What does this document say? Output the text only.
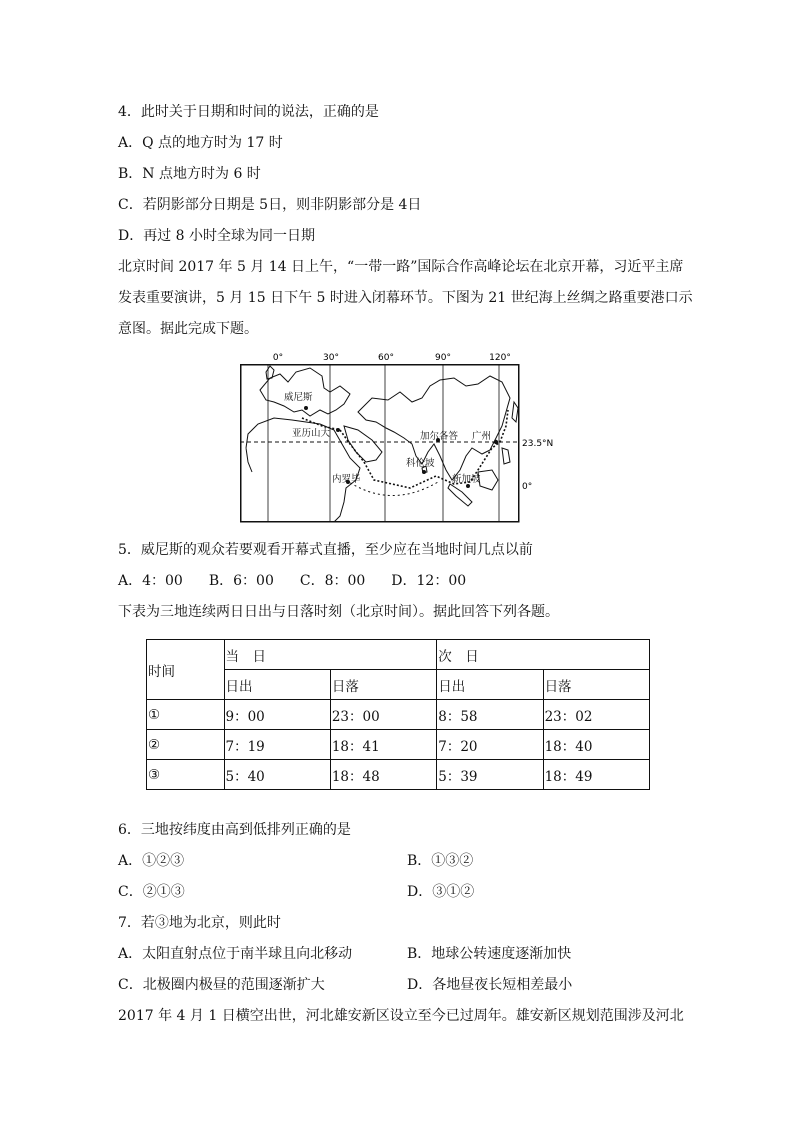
4．此时关于日期和时间的说法，正确的是
A．Q 点的地方时为 17 时
B．N 点地方时为 6 时
C．若阴影部分日期是 5日，则非阴影部分是 4日
D．再过 8 小时全球为同一日期
北京时间 2017 年 5 月 14 日上午，“一带一路”国际合作高峰论坛在北京开幕，习近平主席
发表重要演讲，5 月 15 日下午 5 时进入闭幕环节。下图为 21 世纪海上丝绸之路重要港口示
意图。据此完成下题。
0°	30°	60°	90°	120°
23.5°N
0°
威尼斯
亚历山大
内罗毕
科伦坡
加尔各答 广州
新加坡
5．威尼斯的观众若要观看开幕式直播，至少应在当地时间几点以前
A．4：00 B．6：00 C．8：00 D．12：00
下表为三地连续两日日出与日落时刻（北京时间）。据此回答下列各题。
时间	当　日		次　日	
	日出	日落	日出	日落
①	9：00	23：00	8：58	23：02
②	7：19	18：41	7：20	18：40
③	5：40	18：48	5：39	18：49
6．三地按纬度由高到低排列正确的是
A．①②③	B．①③②
C．②①③	D．③①②
7．若③地为北京，则此时
A．太阳直射点位于南半球且向北移动	B．地球公转速度逐渐加快
C．北极圈内极昼的范围逐渐扩大	D．各地昼夜长短相差最小
2017 年 4 月 1 日横空出世，河北雄安新区设立至今已过周年。雄安新区规划范围涉及河北
